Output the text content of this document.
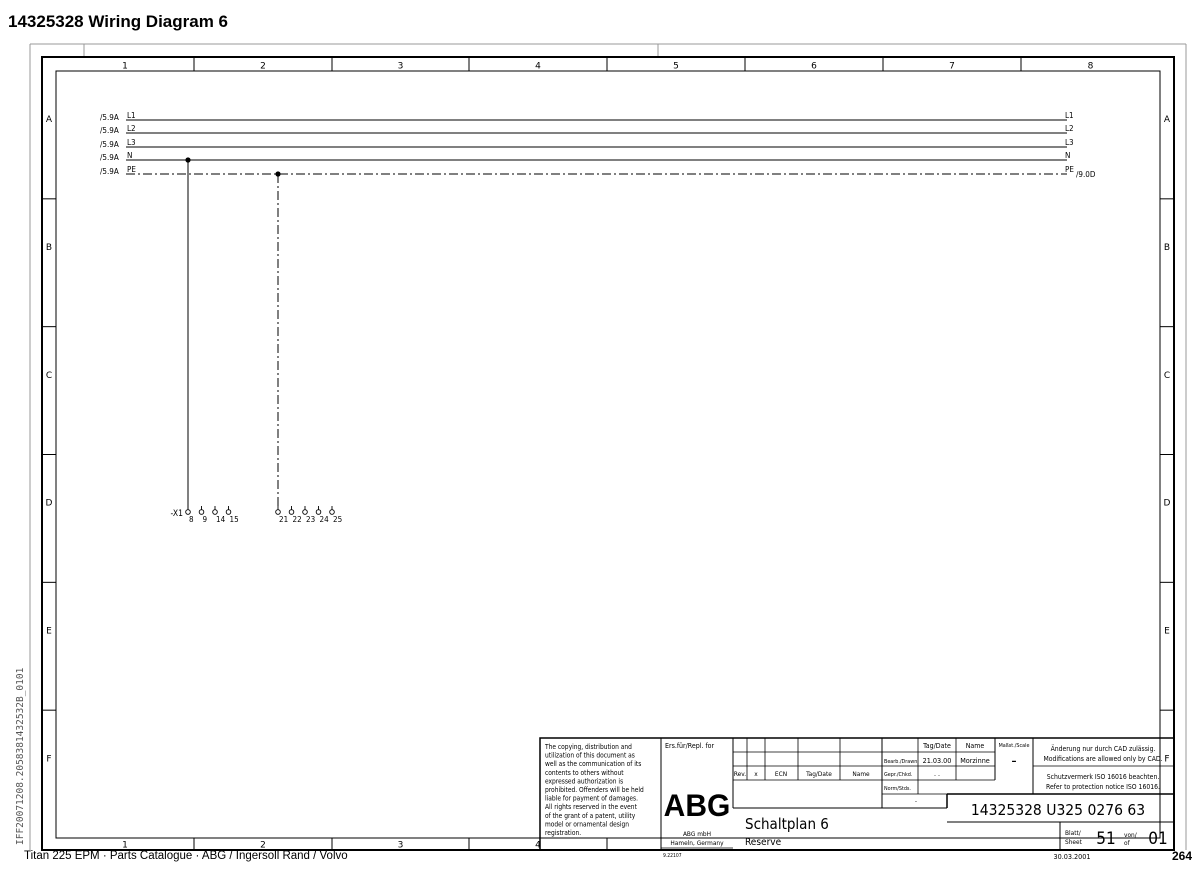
14325328 Wiring Diagram 6
IFF20071208.2058381432532B_0101
1	2	3	4	5	6	7	8
1	2	3	4
A	A
B	B
C	C
D	D
E	E
F	F
/5.9A L1	L1
/5.9A L2	L2
/5.9A L3	L3
/5.9A N	N
/5.9A PE	PE
/9.0D
-X1
8 9 14 15	21 22 23 24 25
The copying, distribution and utilization of this document as well as the communication of its contents to others without expressed authorization is prohibited. Offenders will be held liable for payment of damages. All rights reserved in the event of the grant of a patent, utility model or ornamental design registration.
Ers.für/Repl. for
ABG
ABG mbH
Hameln, Germany
9.22107
Rev. x	ECN	Tag/Date	Name
Tag/Date Name
Bearb./Drawn 21.03.00 Morzinne
Gepr./Chkd.	. .
Norm/Stds.
-
Maßst./Scale
–
Änderung nur durch CAD zulässig.
Modifications are allowed only by CAD.
Schutzvermerk ISO 16016 beachten.
Refer to protection notice ISO 16016.
14325328 U325 0276 63
Schaltplan 6
Reserve
Blatt/
Sheet 51 von/
of 01
30.03.2001
Titan 225 EPM · Parts Catalogue · ABG / Ingersoll Rand / Volvo	264
